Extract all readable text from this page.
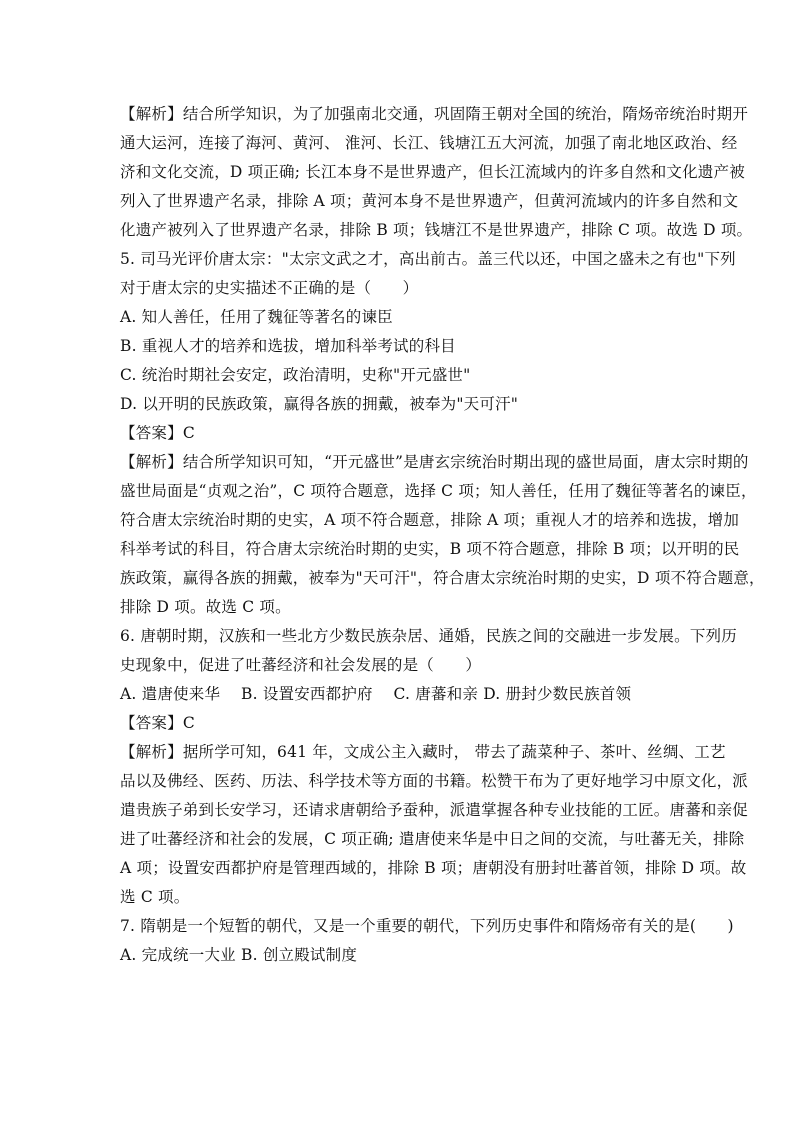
【解析】结合所学知识，为了加强南北交通，巩固隋王朝对全国的统治，隋炀帝统治时期开
通大运河，连接了海河、黄河、 淮河、长江、钱塘江五大河流，加强了南北地区政治、经
济和文化交流，D 项正确; 长江本身不是世界遗产，但长江流域内的许多自然和文化遗产被
列入了世界遗产名录，排除 A 项；黄河本身不是世界遗产，但黄河流域内的许多自然和文
化遗产被列入了世界遗产名录，排除 B 项；钱塘江不是世界遗产，排除 C 项。故选 D 项。
5. 司马光评价唐太宗："太宗文武之才，高出前古。盖三代以还，中国之盛未之有也"下列
对于唐太宗的史实描述不正确的是（　　）
A. 知人善任，任用了魏征等著名的谏臣
B. 重视人才的培养和选拔，增加科举考试的科目
C. 统治时期社会安定，政治清明，史称"开元盛世"
D. 以开明的民族政策，赢得各族的拥戴，被奉为"天可汗"
【答案】C
【解析】结合所学知识可知，“开元盛世”是唐玄宗统治时期出现的盛世局面，唐太宗时期的
盛世局面是“贞观之治”，C 项符合题意，选择 C 项；知人善任，任用了魏征等著名的谏臣，
符合唐太宗统治时期的史实，A 项不符合题意，排除 A 项；重视人才的培养和选拔，增加
科举考试的科目，符合唐太宗统治时期的史实，B 项不符合题意，排除 B 项；以开明的民
族政策，赢得各族的拥戴，被奉为"天可汗"，符合唐太宗统治时期的史实，D 项不符合题意，
排除 D 项。故选 C 项。
6. 唐朝时期，汉族和一些北方少数民族杂居、通婚，民族之间的交融进一步发展。下列历
史现象中，促进了吐蕃经济和社会发展的是（　　）
A. 遣唐使来华　 B. 设置安西都护府　 C. 唐蕃和亲 D. 册封少数民族首领
【答案】C
【解析】据所学可知，641 年，文成公主入藏时， 带去了蔬菜种子、茶叶、丝绸、工艺
品以及佛经、医药、历法、科学技术等方面的书籍。松赞干布为了更好地学习中原文化，派
遣贵族子弟到长安学习，还请求唐朝给予蚕种，派遣掌握各种专业技能的工匠。唐蕃和亲促
进了吐蕃经济和社会的发展，C 项正确; 遣唐使来华是中日之间的交流，与吐蕃无关，排除
A 项；设置安西都护府是管理西域的，排除 B 项；唐朝没有册封吐蕃首领，排除 D 项。故
选 C 项。
7. 隋朝是一个短暂的朝代，又是一个重要的朝代，下列历史事件和隋炀帝有关的是(　　)
A. 完成统一大业 B. 创立殿试制度
